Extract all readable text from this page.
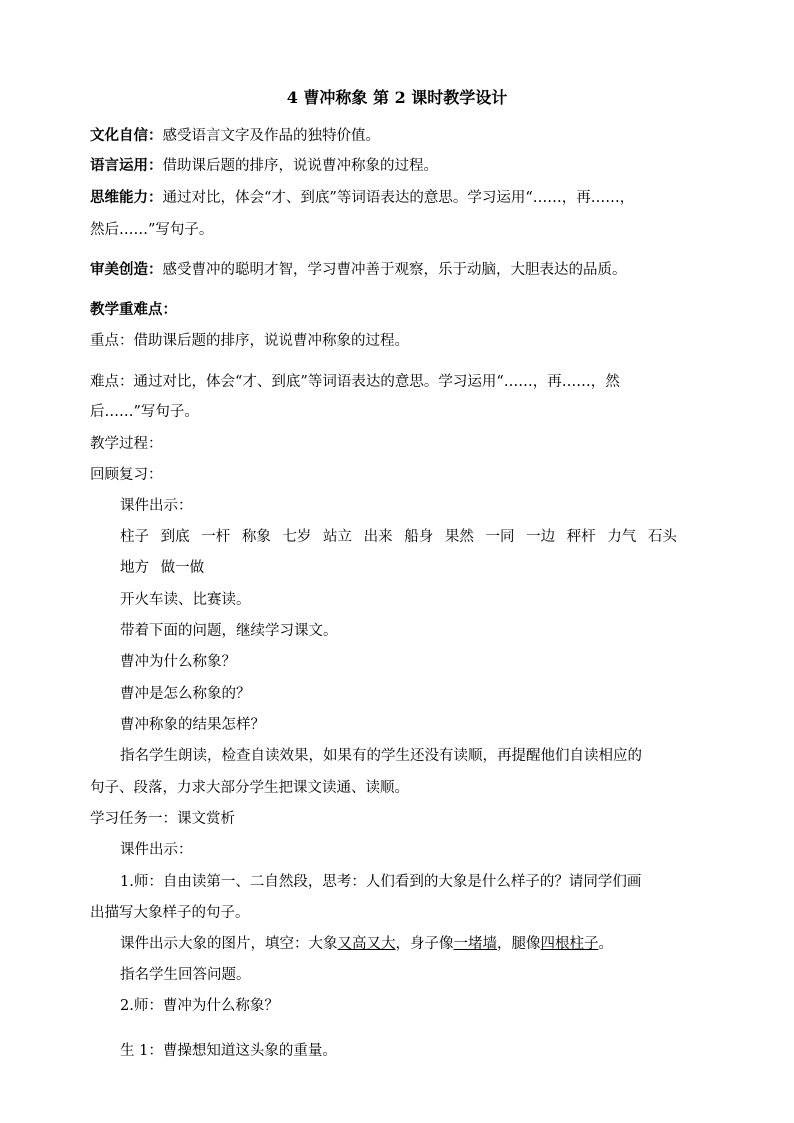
4 曹冲称象 第 2 课时教学设计
文化自信：感受语言文字及作品的独特价值。
语言运用：借助课后题的排序，说说曹冲称象的过程。
思维能力：通过对比，体会“才、到底”等词语表达的意思。学习运用“……，再……，
然后……”写句子。
审美创造：感受曹冲的聪明才智，学习曹冲善于观察，乐于动脑，大胆表达的品质。
教学重难点：
重点：借助课后题的排序，说说曹冲称象的过程。
难点：通过对比，体会“才、到底”等词语表达的意思。学习运用“……，再……，然
后……”写句子。
教学过程：
回顾复习：
课件出示：
柱子 到底 一杆 称象 七岁 站立 出来 船身 果然 一同 一边 秤杆 力气 石头
地方 做一做
开火车读、比赛读。
带着下面的问题，继续学习课文。
曹冲为什么称象？
曹冲是怎么称象的？
曹冲称象的结果怎样？
指名学生朗读，检查自读效果，如果有的学生还没有读顺，再提醒他们自读相应的
句子、段落，力求大部分学生把课文读通、读顺。
学习任务一：课文赏析
课件出示：
1.师：自由读第一、二自然段，思考：人们看到的大象是什么样子的？请同学们画
出描写大象样子的句子。
课件出示大象的图片，填空：大象又高又大，身子像一堵墙，腿像四根柱子。
指名学生回答问题。
2.师：曹冲为什么称象？
生 1：曹操想知道这头象的重量。
